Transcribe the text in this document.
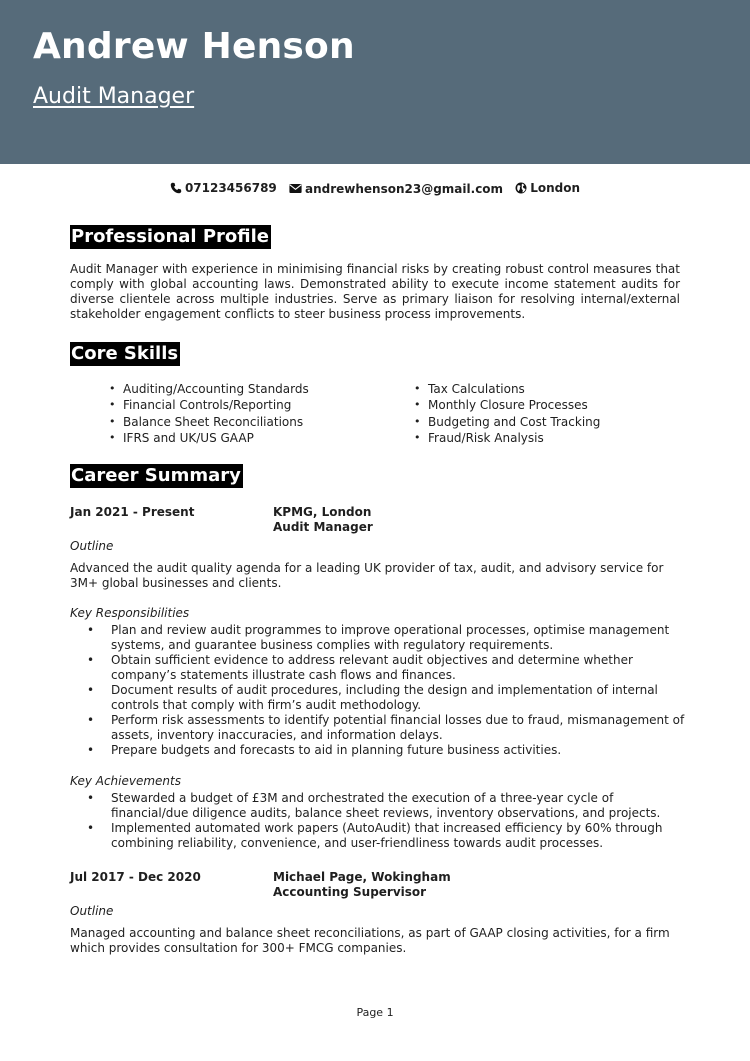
Andrew Henson
Audit Manager
07123456789
andrewhenson23@gmail.com
London
Professional Profile
Audit Manager with experience in minimising financial risks by creating robust control measures that comply with global accounting laws. Demonstrated ability to execute income statement audits for diverse clientele across multiple industries. Serve as primary liaison for resolving internal/external stakeholder engagement conflicts to steer business process improvements.
Core Skills
• Auditing/Accounting Standards
• Financial Controls/Reporting
• Balance Sheet Reconciliations
• IFRS and UK/US GAAP
• Tax Calculations
• Monthly Closure Processes
• Budgeting and Cost Tracking
• Fraud/Risk Analysis
Career Summary
Jan 2021 - Present	KPMG, London
Audit Manager
Outline
Advanced the audit quality agenda for a leading UK provider of tax, audit, and advisory service for 3M+ global businesses and clients.
Key Responsibilities
• Plan and review audit programmes to improve operational processes, optimise management systems, and guarantee business complies with regulatory requirements.
• Obtain sufficient evidence to address relevant audit objectives and determine whether company’s statements illustrate cash flows and finances.
• Document results of audit procedures, including the design and implementation of internal controls that comply with firm’s audit methodology.
• Perform risk assessments to identify potential financial losses due to fraud, mismanagement of assets, inventory inaccuracies, and information delays.
• Prepare budgets and forecasts to aid in planning future business activities.
Key Achievements
• Stewarded a budget of £3M and orchestrated the execution of a three-year cycle of financial/due diligence audits, balance sheet reviews, inventory observations, and projects.
• Implemented automated work papers (AutoAudit) that increased efficiency by 60% through combining reliability, convenience, and user-friendliness towards audit processes.
Jul 2017 - Dec 2020	Michael Page, Wokingham
Accounting Supervisor
Outline
Managed accounting and balance sheet reconciliations, as part of GAAP closing activities, for a firm which provides consultation for 300+ FMCG companies.
Page 1
